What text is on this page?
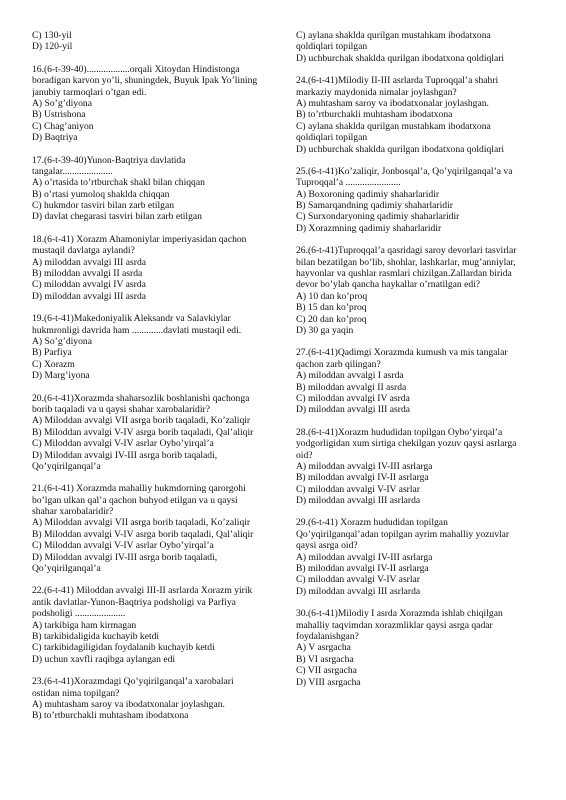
C) 130-yil
D) 120-yil
16.(6-t-39-40)..................orqali Xitoydan Hindistonga
boradigan karvon yo’li, shuningdek, Buyuk Ipak Yo’lining
janubiy tarmoqlari o’tgan edi.
A) So’g’diyona
B) Ustrishona
C) Chag’aniyon
D) Baqtriya
17.(6-t-39-40)Yunon-Baqtriya davlatida
tangalar.....................
A) o’rtasida to’rtburchak shakl bilan chiqqan
B) o’rtasi yumoloq shaklda chiqqan
C) hukmdor tasviri bilan zarb etilgan
D) davlat chegarasi tasviri bilan zarb etilgan
18.(6-t-41) Xorazm Ahamoniylar imperiyasidan qachon
mustaqil davlatga aylandi?
A) miloddan avvalgi III asrda
B) miloddan avvalgi II asrda
C) miloddan avvalgi IV asrda
D) miloddan avvalgi III asrda
19.(6-t-41)Makedoniyalik Aleksandr va Salavkiylar
hukmronligi davrida ham .............davlati mustaqil edi.
A) So’g’diyona
B) Parfiya
C) Xorazm
D) Marg’iyona
20.(6-t-41)Xorazmda shaharsozlik boshlanishi qachonga
borib taqaladi va u qaysi shahar xarobalaridir?
A) Miloddan avvalgi VII asrga borib taqaladi, Ko’zaliqir
B) Miloddan avvalgi V-IV asrga borib taqaladi, Qal’aliqir
C) Miloddan avvalgi V-IV asrlar Oybo’yirqal’a
D) Miloddan avvalgi IV-III asrga borib taqaladi,
Qo’yqirilganqal’a
21.(6-t-41) Xorazmda mahalliy hukmdorning qarorgohi
bo’lgan ulkan qal’a qachon buhyod etilgan va u qaysi
shahar xarobalaridir?
A) Miloddan avvalgi VII asrga borib taqaladi, Ko’zaliqir
B) Miloddan avvalgi V-IV asrga borib taqaladi, Qal’aliqir
C) Miloddan avvalgi V-IV asrlar Oybo’yirqal’a
D) Miloddan avvalgi IV-III asrga borib taqaladi,
Qo’yqirilganqal’a
22.(6-t-41) Miloddan avvalgi III-II asrlarda Xorazm yirik
antik davlatlar-Yunon-Baqtriya podsholigi va Parfiya
podsholigi .....................
A) tarkibiga ham kirmagan
B) tarkibidaligida kuchayib ketdi
C) tarkibidagiligidan foydalanib kuchayib ketdi
D) uchun xavfli raqibga aylangan edi
23.(6-t-41)Xorazmdagi Qo’yqirilganqal’a xarobalari
ostidan nima topilgan?
A) muhtasham saroy va ibodatxonalar joylashgan.
B) to’rtburchakli muhtasham ibodatxona
C) aylana shaklda qurilgan mustahkam ibodatxona
qoldiqlari topilgan
D) uchburchak shaklda qurilgan ibodatxona qoldiqlari
24.(6-t-41)Milodiy II-III asrlarda Tuproqqal’a shahri
markaziy maydonida nimalar joylashgan?
A) muhtasham saroy va ibodatxonalar joylashgan.
B) to’rtburchakli muhtasham ibodatxona
C) aylana shaklda qurilgan mustahkam ibodatxona
qoldiqlari topilgan
D) uchburchak shaklda qurilgan ibodatxona qoldiqlari
25.(6-t-41)Ko’zaliqir, Jonbosqal’a, Qo’yqirilganqal’a va
Tuproqqal’a .......................
A) Boxoroning qadimiy shaharlaridir
B) Samarqandning qadimiy shaharlaridir
C) Surxondaryoning qadimiy shaharlaridir
D) Xorazmning qadimiy shaharlaridir
26.(6-t-41)Tuproqqal’a qasridagi saroy devorlari tasvirlar
bilan bezatilgan bo’lib, shohlar, lashkarlar, mug’anniylar,
hayvonlar va qushlar rasmlari chizilgan.Zallardan birida
devor bo’ylab qancha haykallar o’rnatilgan edi?
A) 10 dan ko’proq
B) 15 dan ko’proq
C) 20 dan ko’proq
D) 30 ga yaqin
27.(6-t-41)Qadimgi Xorazmda kumush va mis tangalar
qachon zarb qilingan?
A) miloddan avvalgi I asrda
B) miloddan avvalgi II asrda
C) miloddan avvalgi IV asrda
D) miloddan avvalgi III asrda
28.(6-t-41)Xorazm hududidan topilgan Oybo’yirqal’a
yodgorligidan xum sirtiga chekilgan yozuv qaysi asrlarga
oid?
A) miloddan avvalgi IV-III asrlarga
B) miloddan avvalgi IV-II asrlarga
C) miloddan avvalgi V-IV asrlar
D) miloddan avvalgi III asrlarda
29.(6-t-41) Xorazm hududidan topilgan
Qo’yqirilganqal’adan topilgan ayrim mahalliy yozuvlar
qaysi asrga oid?
A) miloddan avvalgi IV-III asrlarga
B) miloddan avvalgi IV-II asrlarga
C) miloddan avvalgi V-IV asrlar
D) miloddan avvalgi III asrlarda
30.(6-t-41)Milodiy I asrda Xorazmda ishlab chiqilgan
mahalliy taqvimdan xorazmliklar qaysi asrga qadar
foydalanishgan?
A) V asrgacha
B) VI asrgacha
C) VII asrgacha
D) VIII asrgacha
